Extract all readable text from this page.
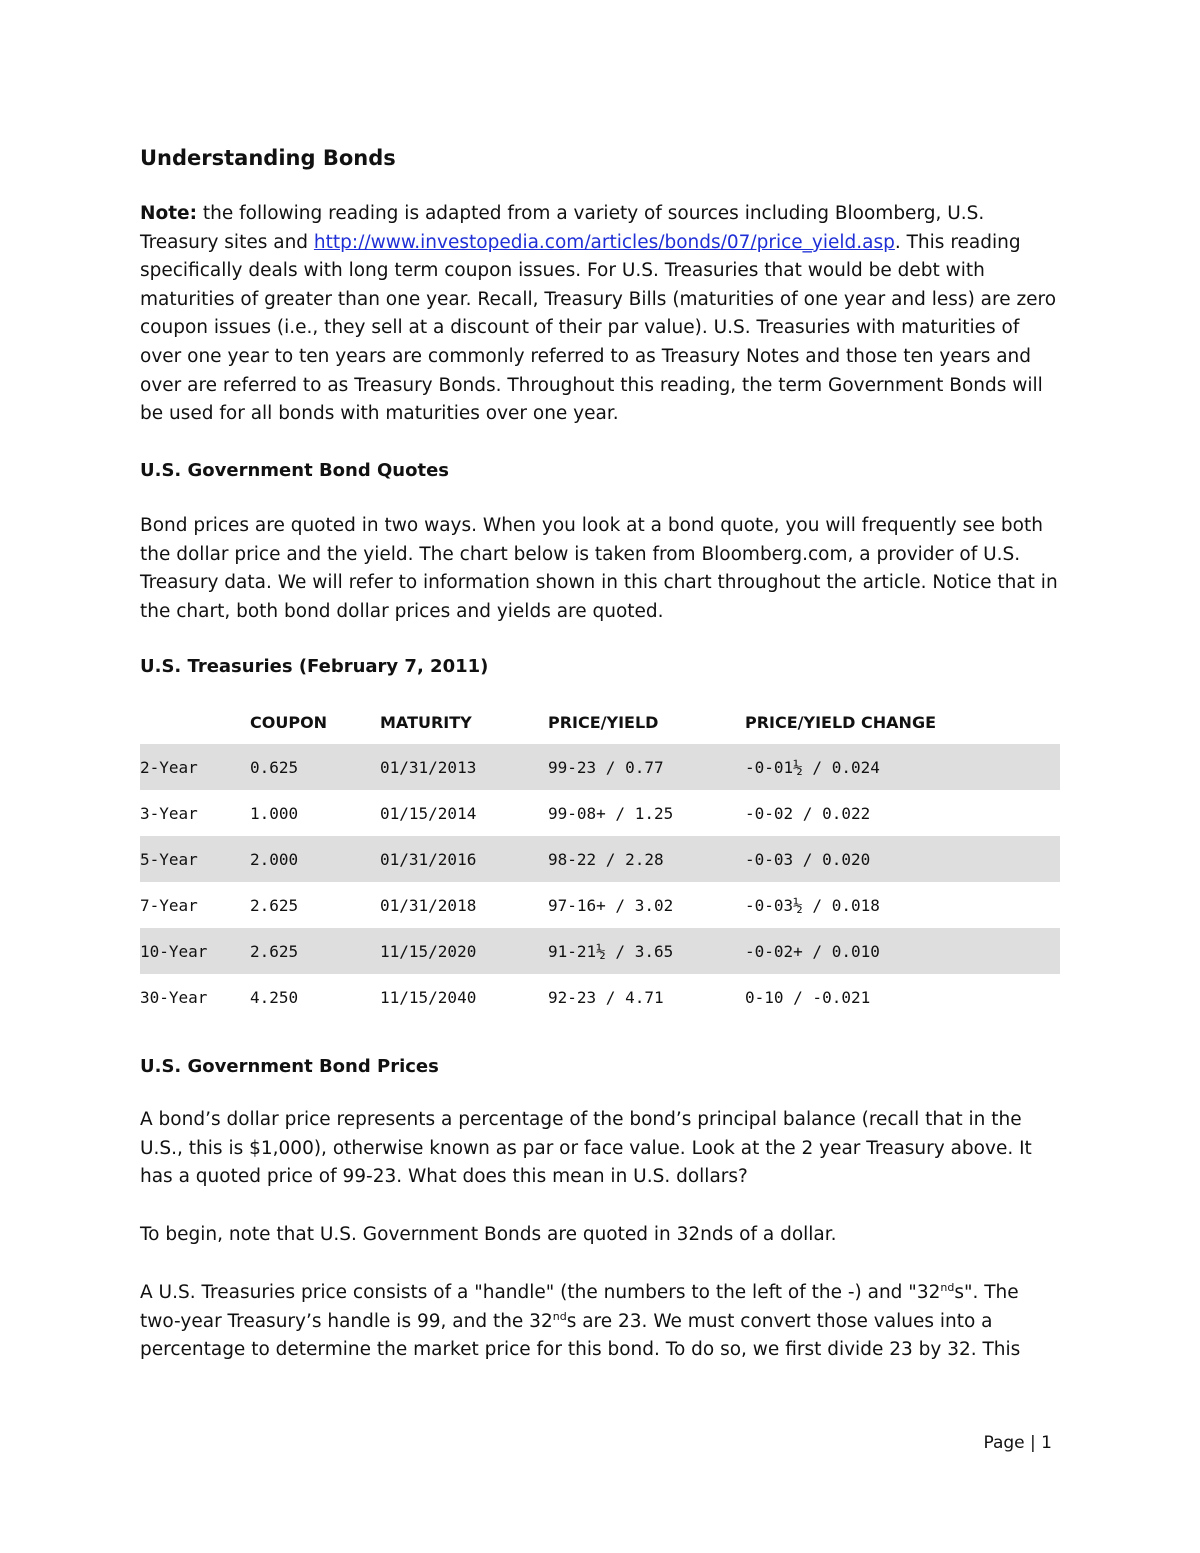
Understanding Bonds

Note: the following reading is adapted from a variety of sources including Bloomberg, U.S. Treasury sites and http://www.investopedia.com/articles/bonds/07/price_yield.asp. This reading specifically deals with long term coupon issues. For U.S. Treasuries that would be debt with maturities of greater than one year. Recall, Treasury Bills (maturities of one year and less) are zero coupon issues (i.e., they sell at a discount of their par value). U.S. Treasuries with maturities of over one year to ten years are commonly referred to as Treasury Notes and those ten years and over are referred to as Treasury Bonds. Throughout this reading, the term Government Bonds will be used for all bonds with maturities over one year.

U.S. Government Bond Quotes

Bond prices are quoted in two ways. When you look at a bond quote, you will frequently see both the dollar price and the yield. The chart below is taken from Bloomberg.com, a provider of U.S. Treasury data. We will refer to information shown in this chart throughout the article. Notice that in the chart, both bond dollar prices and yields are quoted.

U.S. Treasuries (February 7, 2011)
	COUPON	MATURITY	PRICE/YIELD	PRICE/YIELD CHANGE
2-Year	0.625	01/31/2013	99-23 / 0.77	-0-01½ / 0.024
3-Year	1.000	01/15/2014	99-08+ / 1.25	-0-02 / 0.022
5-Year	2.000	01/31/2016	98-22 / 2.28	-0-03 / 0.020
7-Year	2.625	01/31/2018	97-16+ / 3.02	-0-03½ / 0.018
10-Year	2.625	11/15/2020	91-21½ / 3.65	-0-02+ / 0.010
30-Year	4.250	11/15/2040	92-23 / 4.71	0-10 / -0.021
U.S. Government Bond Prices

A bond’s dollar price represents a percentage of the bond’s principal balance (recall that in the U.S., this is $1,000), otherwise known as par or face value. Look at the 2 year Treasury above. It has a quoted price of 99-23. What does this mean in U.S. dollars?

To begin, note that U.S. Government Bonds are quoted in 32nds of a dollar.

A U.S. Treasuries price consists of a "handle" (the numbers to the left of the -) and "32nds". The two-year Treasury’s handle is 99, and the 32nds are 23. We must convert those values into a percentage to determine the market price for this bond. To do so, we first divide 23 by 32. This

Page | 1
